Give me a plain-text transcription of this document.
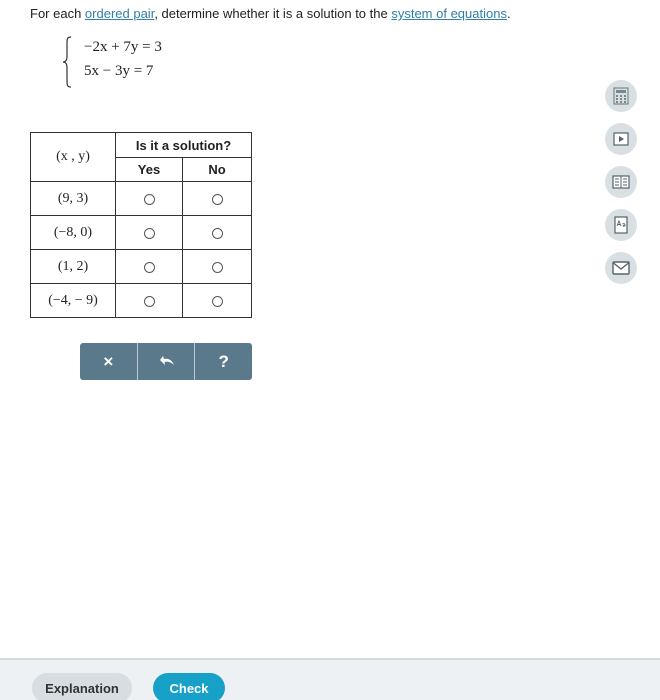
For each ordered pair, determine whether it is a solution to the system of equations.
−2x + 7y = 3
5x − 3y = 7
(x , y)	Is it a solution?	
	Yes	No
(9, 3)		
(−8, 0)		
(1, 2)		
(−4, − 9)		
×	?
Explanation	Check
